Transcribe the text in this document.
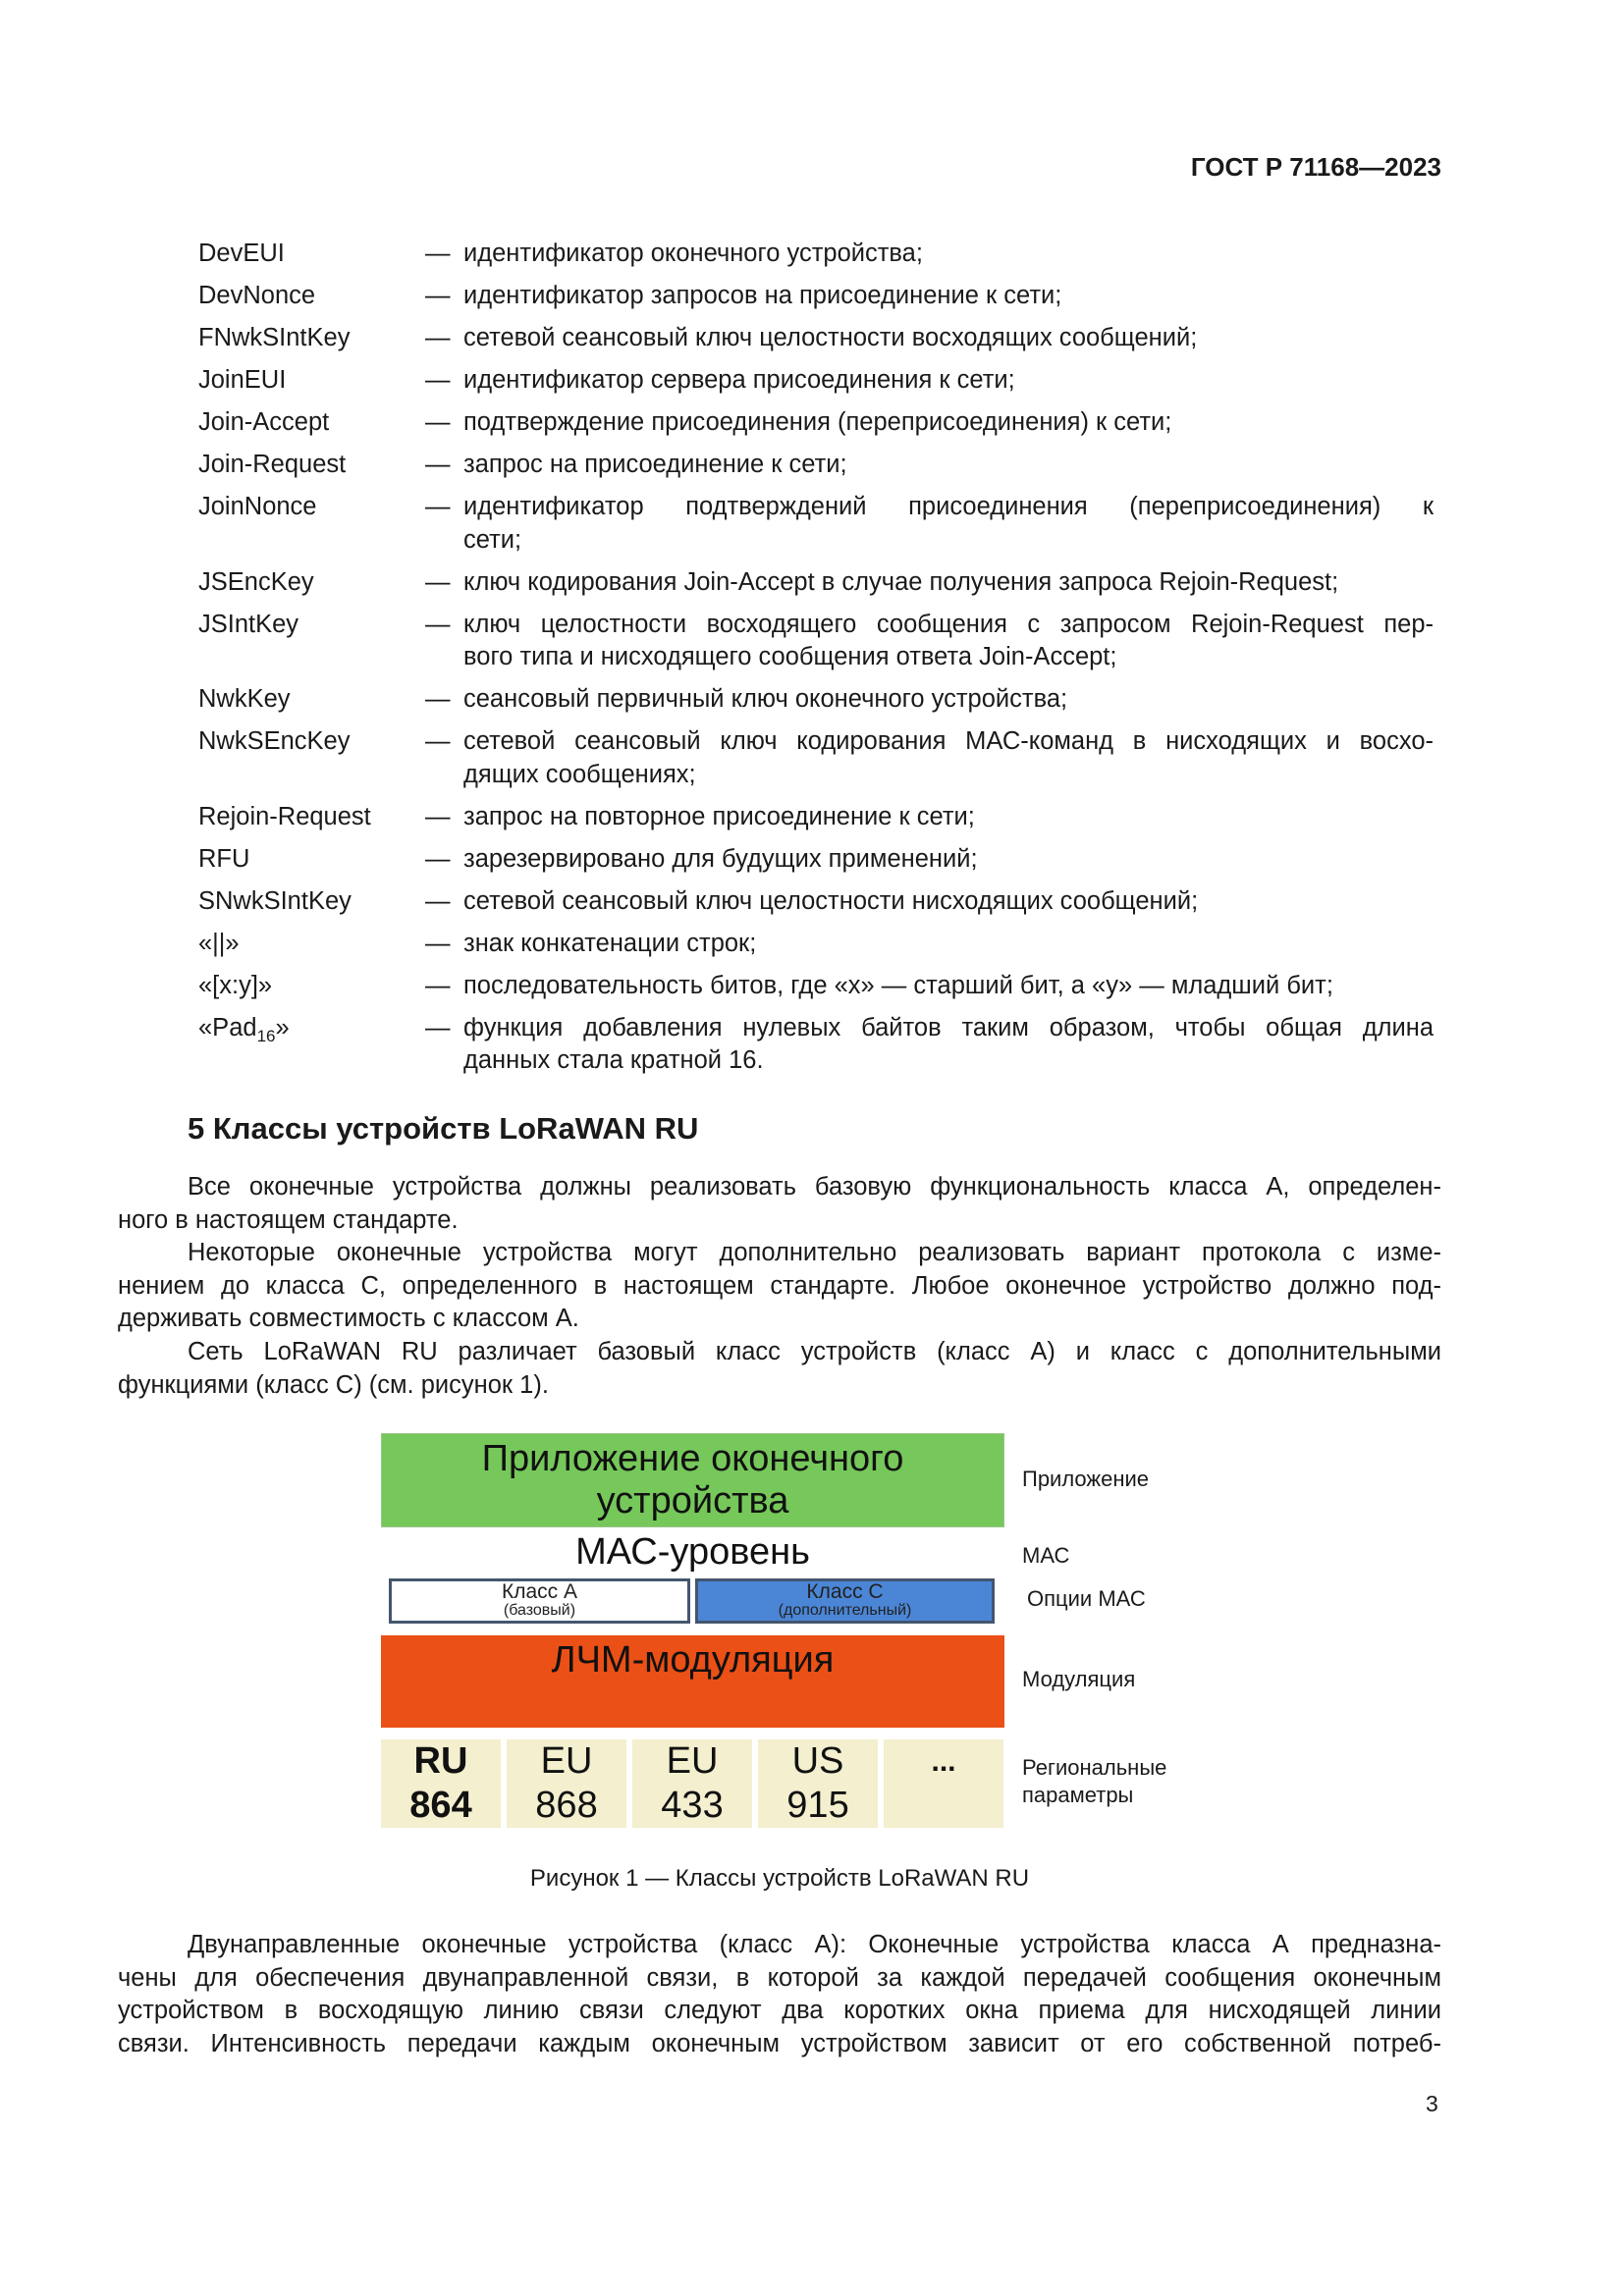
ГОСТ Р 71168—2023
DevEUI	— идентификатор оконечного устройства;
DevNonce	— идентификатор запросов на присоединение к сети;
FNwkSIntKey	— сетевой сеансовый ключ целостности восходящих сообщений;
JoinEUI	— идентификатор сервера присоединения к сети;
Join-Accept	— подтверждение присоединения (переприсоединения) к сети;
Join-Request	— запрос на присоединение к сети;
JoinNonce	— идентификатор подтверждений присоединения (переприсоединения) к
сети;
JSEncKey	— ключ кодирования Join-Accept в случае получения запроса Rejoin-Request;
JSIntKey	— ключ целостности восходящего сообщения с запросом Rejoin-Request пер-
вого типа и нисходящего сообщения ответа Join-Accept;
NwkKey	— сеансовый первичный ключ оконечного устройства;
NwkSEncKey	— сетевой сеансовый ключ кодирования МАС-команд в нисходящих и восхо-
дящих сообщениях;
Rejoin-Request	— запрос на повторное присоединение к сети;
RFU	— зарезервировано для будущих применений;
SNwkSIntKey	— сетевой сеансовый ключ целостности нисходящих сообщений;
«||»	— знак конкатенации строк;
«[x:y]»	— последовательность битов, где «x» — старший бит, а «y» — младший бит;
«Pad$_{16}$»	— функция добавления нулевых байтов таким образом, чтобы общая длина
данных стала кратной 16.
5 Классы устройств LoRaWAN RU
Все оконечные устройства должны реализовать базовую функциональность класса А, определен-
ного в настоящем стандарте.
Некоторые оконечные устройства могут дополнительно реализовать вариант протокола с изме-
нением до класса С, определенного в настоящем стандарте. Любое оконечное устройство должно под-
держивать совместимость с классом А.
Сеть LoRaWAN RU различает базовый класс устройств (класс А) и класс с дополнительными
функциями (класс С) (см. рисунок 1).
Приложение оконечного
устройства
МАС-уровень
Класс А
(базовый)
Класс С
(дополнительный)
ЛЧМ-модуляция
RU
864
EU
868
EU
433
US
915
...
Приложение
МАС
Опции МАС
Модуляция
Региональные
параметры
Рисунок 1 — Классы устройств LoRaWAN RU
Двунаправленные оконечные устройства (класс А): Оконечные устройства класса А предназна-
чены для обеспечения двунаправленной связи, в которой за каждой передачей сообщения оконечным
устройством в восходящую линию связи следуют два коротких окна приема для нисходящей линии
связи. Интенсивность передачи каждым оконечным устройством зависит от его собственной потреб-
3
